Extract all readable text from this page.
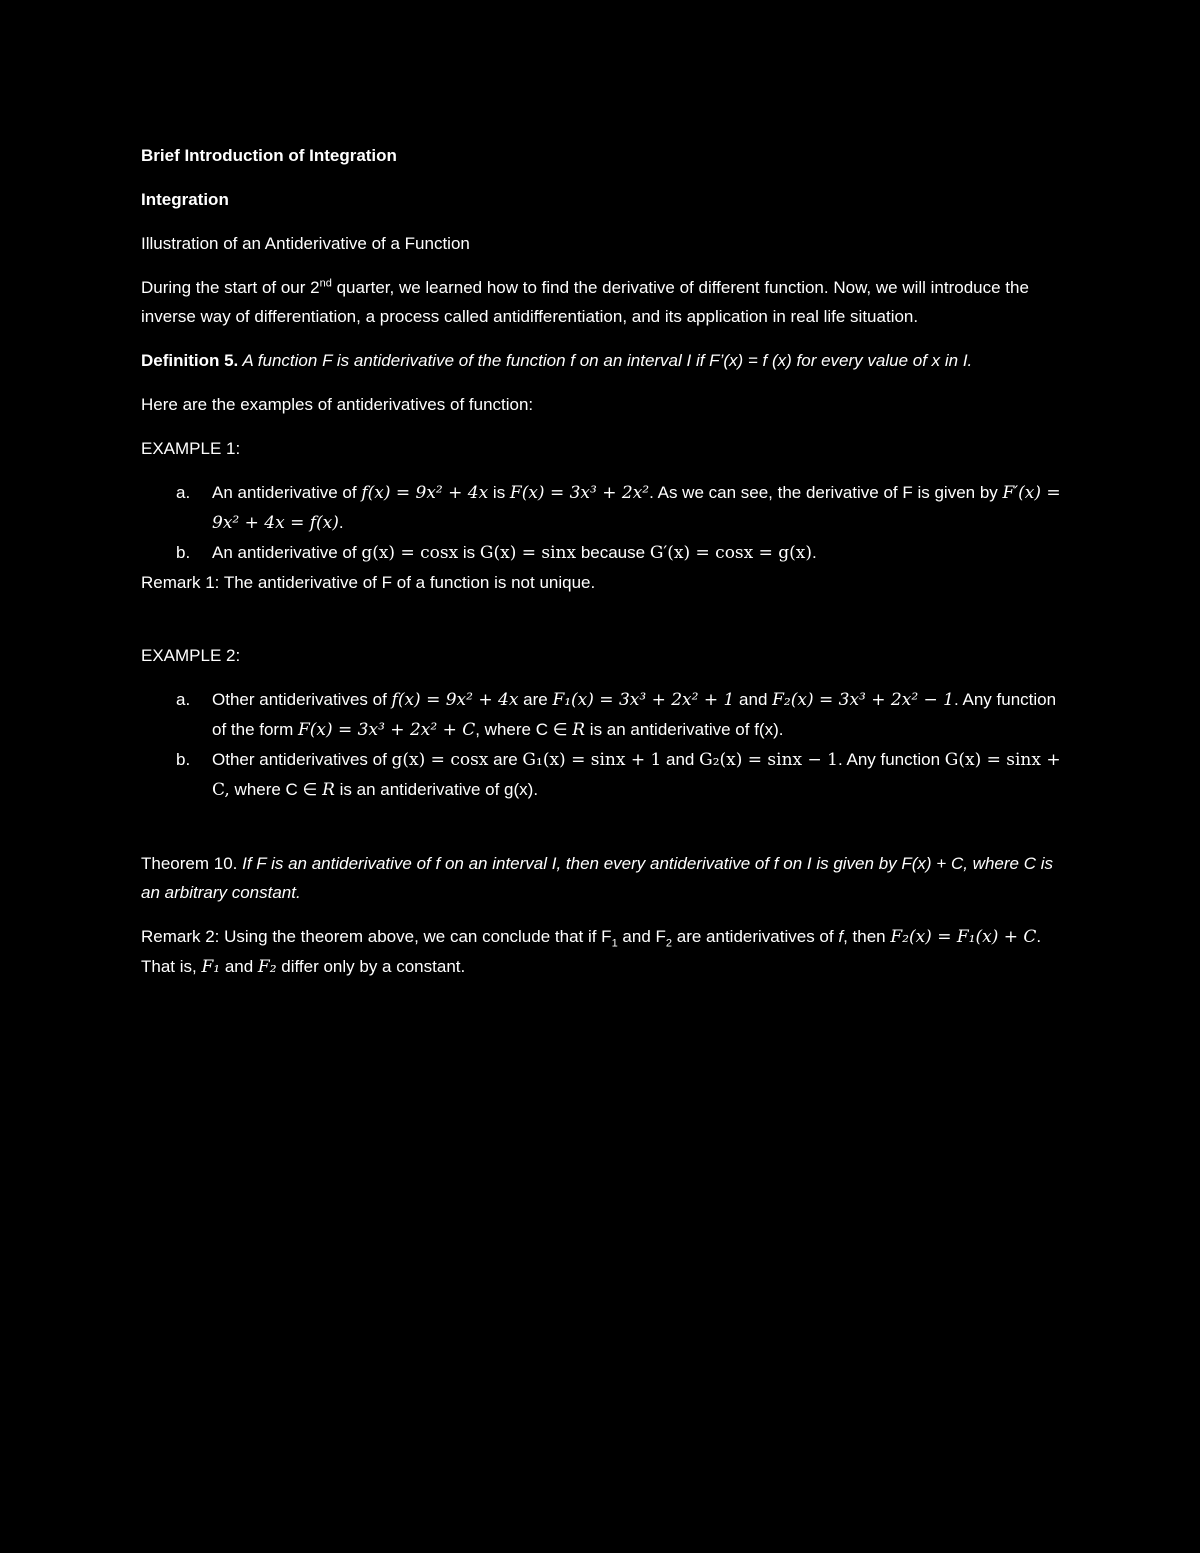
Brief Introduction of Integration

Integration

Illustration of an Antiderivative of a Function

During the start of our 2nd quarter, we learned how to find the derivative of different function. Now, we will introduce the inverse way of differentiation, a process called antidifferentiation, and its application in real life situation.

Definition 5. A function F is antiderivative of the function f on an interval I if F’(x) = f (x) for every value of x in I.

Here are the examples of antiderivatives of function:

EXAMPLE 1:

a. An antiderivative of f(x) = 9x² + 4x is F(x) = 3x³ + 2x². As we can see, the derivative of F is given by F′(x) = 9x² + 4x = f(x).
b. An antiderivative of g(x) = cosx is G(x) = sinx because G′(x) = cosx = g(x).

Remark 1: The antiderivative of F of a function is not unique.

EXAMPLE 2:

a. Other antiderivatives of f(x) = 9x² + 4x are F₁(x) = 3x³ + 2x² + 1 and F₂(x) = 3x³ + 2x² − 1. Any function of the form F(x) = 3x³ + 2x² + C, where C ∈ R is an antiderivative of f(x).
b. Other antiderivatives of g(x) = cosx are G₁(x) = sinx + 1 and G₂(x) = sinx − 1. Any function G(x) = sinx + C, where C ∈ R is an antiderivative of g(x).

Theorem 10. If F is an antiderivative of f on an interval I, then every antiderivative of f on I is given by F(x) + C, where C is an arbitrary constant.

Remark 2: Using the theorem above, we can conclude that if $F_1$ and $F_2$ are antiderivatives of f, then F₂(x) = F₁(x) + C. That is, F₁ and F₂ differ only by a constant.
